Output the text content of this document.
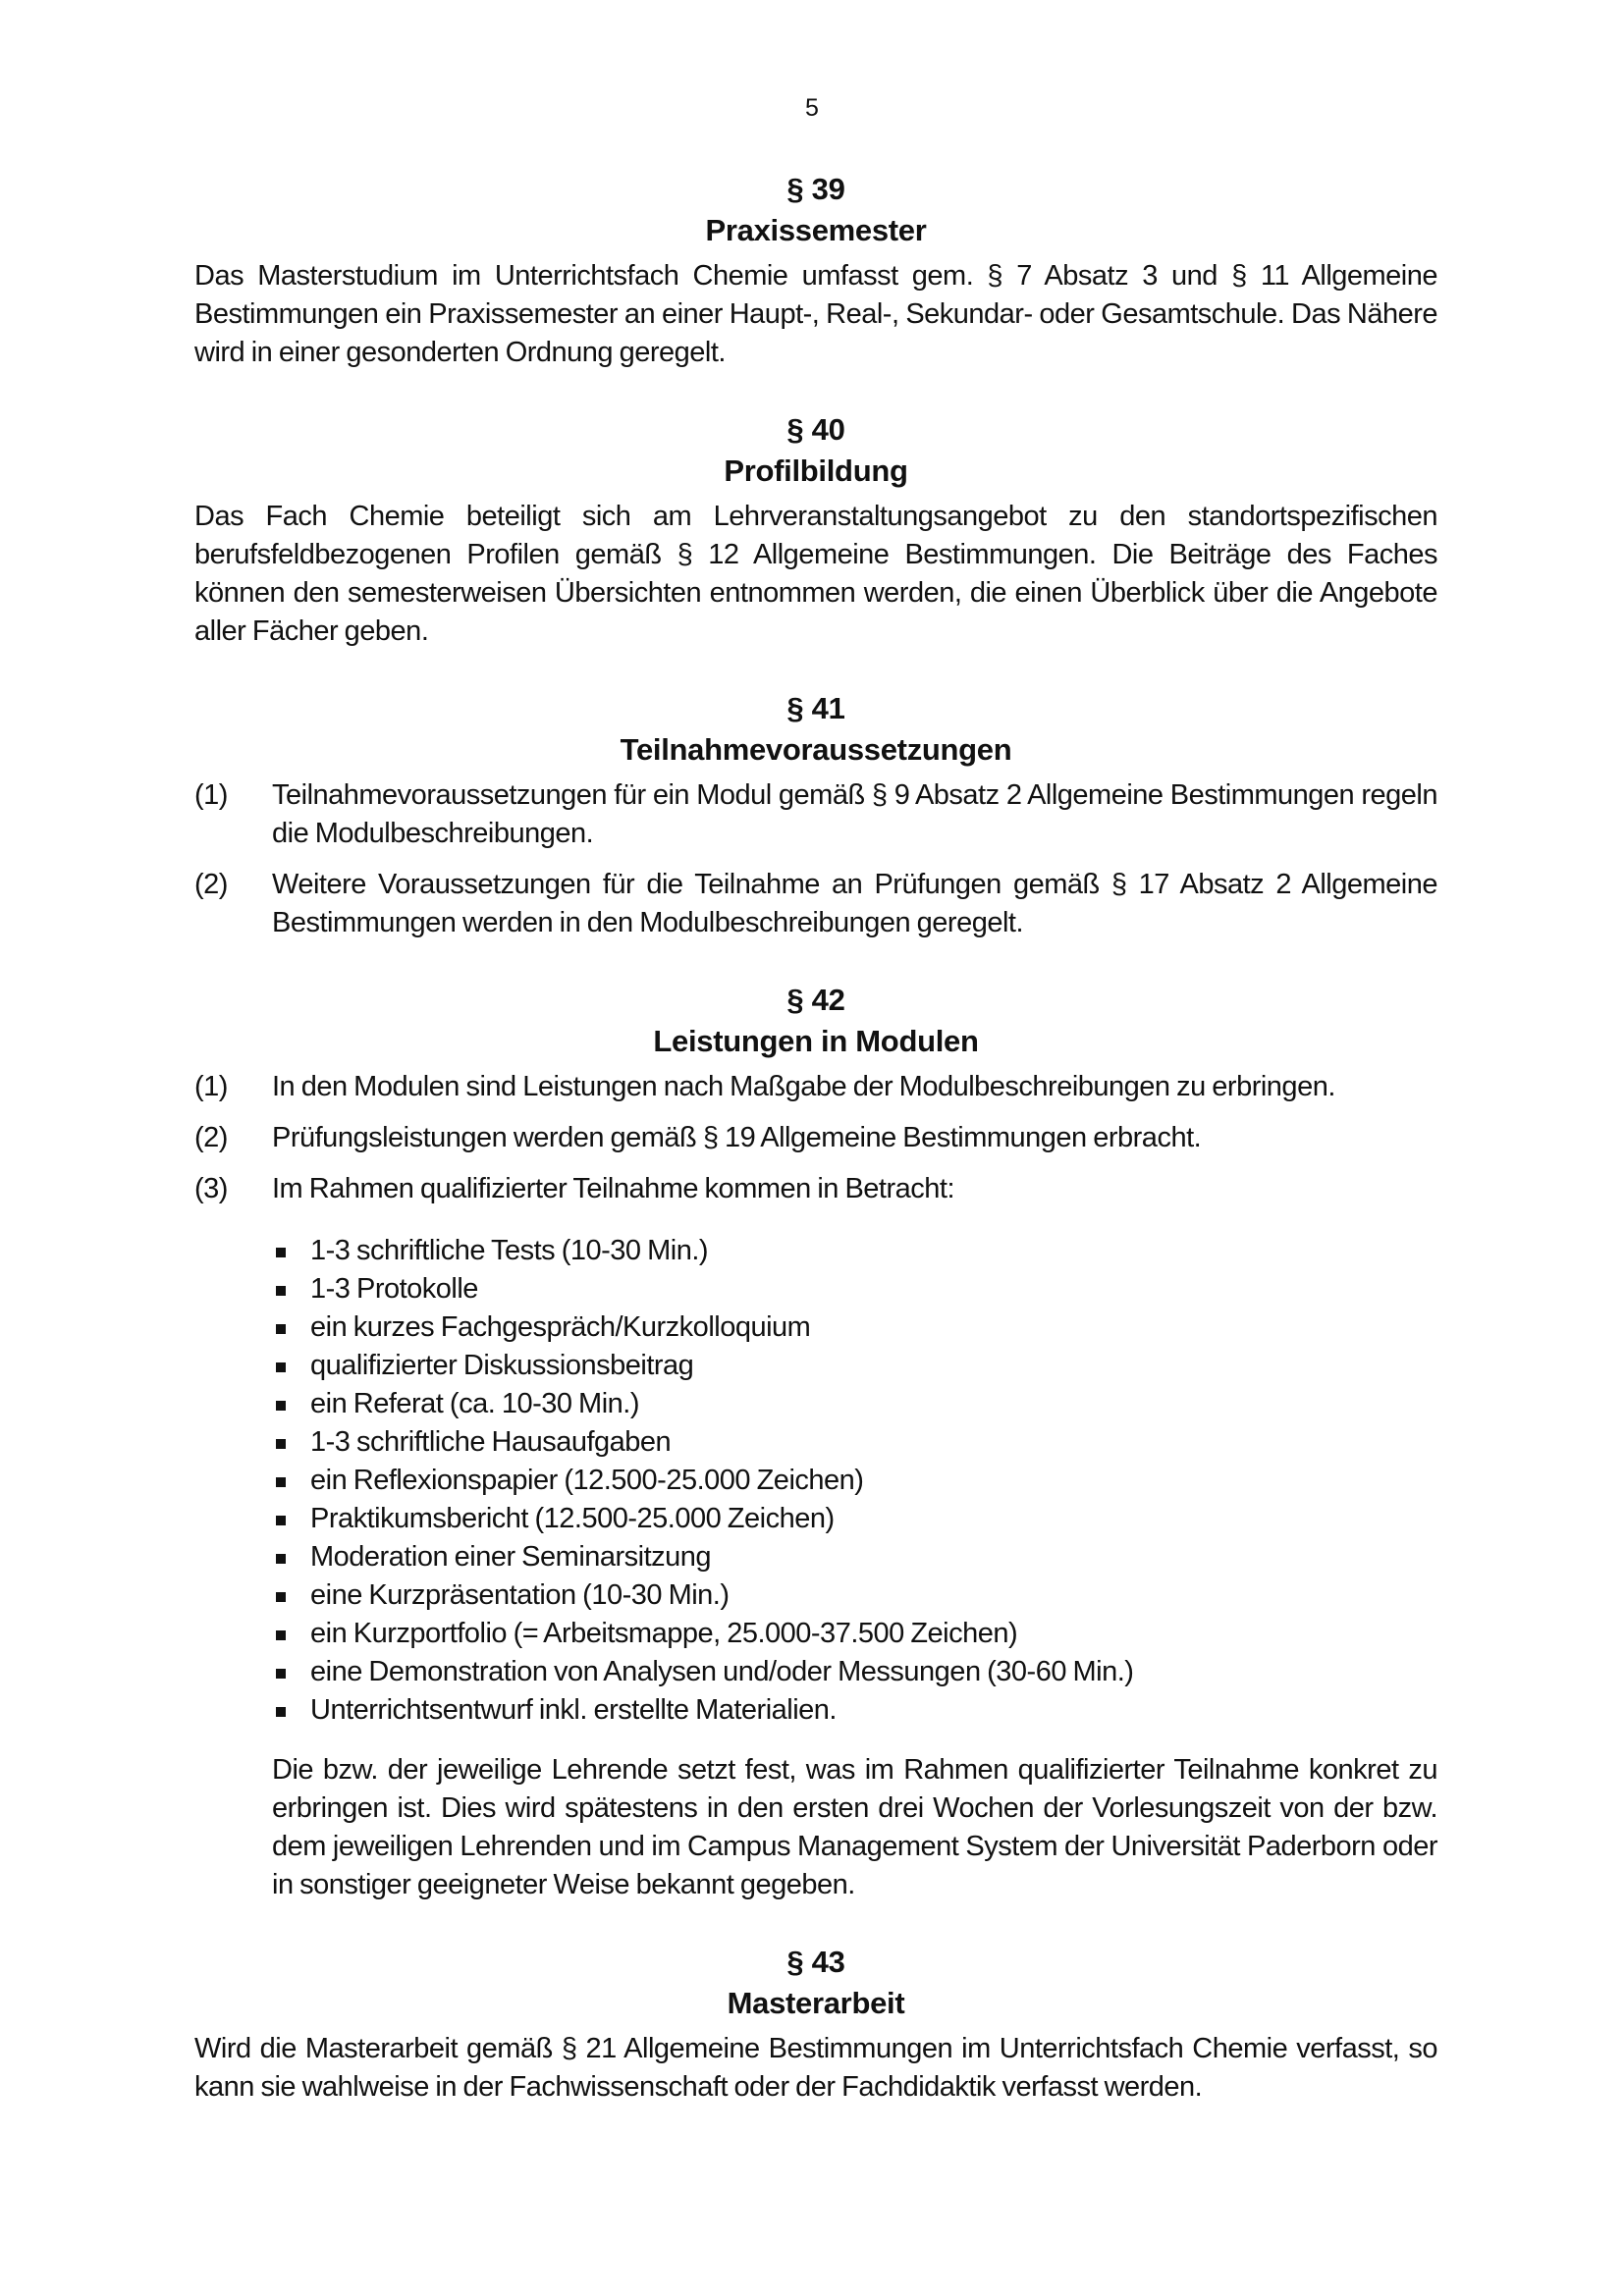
5
§ 39
Praxissemester

Das Masterstudium im Unterrichtsfach Chemie umfasst gem. § 7 Absatz 3 und § 11 Allgemeine Bestimmungen ein Praxissemester an einer Haupt-, Real-, Sekundar- oder Gesamtschule. Das Nähere wird in einer gesonderten Ordnung geregelt.

§ 40
Profilbildung

Das Fach Chemie beteiligt sich am Lehrveranstaltungsangebot zu den standortspezifischen berufsfeldbezogenen Profilen gemäß § 12 Allgemeine Bestimmungen. Die Beiträge des Faches können den semesterweisen Übersichten entnommen werden, die einen Überblick über die Angebote aller Fächer geben.

§ 41
Teilnahmevoraussetzungen
(1)	Teilnahmevoraussetzungen für ein Modul gemäß § 9 Absatz 2 Allgemeine Bestimmungen regeln die Modulbeschreibungen.
(2)	Weitere Voraussetzungen für die Teilnahme an Prüfungen gemäß § 17 Absatz 2 Allgemeine Bestimmungen werden in den Modulbeschreibungen geregelt.
§ 42
Leistungen in Modulen
(1)	In den Modulen sind Leistungen nach Maßgabe der Modulbeschreibungen zu erbringen.
(2)	Prüfungsleistungen werden gemäß § 19 Allgemeine Bestimmungen erbracht.
(3)	Im Rahmen qualifizierter Teilnahme kommen in Betracht:
1-3 schriftliche Tests (10-30 Min.)
1-3 Protokolle
ein kurzes Fachgespräch/Kurzkolloquium
qualifizierter Diskussionsbeitrag
ein Referat (ca. 10-30 Min.)
1-3 schriftliche Hausaufgaben
ein Reflexionspapier (12.500-25.000 Zeichen)
Praktikumsbericht (12.500-25.000 Zeichen)
Moderation einer Seminarsitzung
eine Kurzpräsentation (10-30 Min.)
ein Kurzportfolio (= Arbeitsmappe, 25.000-37.500 Zeichen)
eine Demonstration von Analysen und/oder Messungen (30-60 Min.)
Unterrichtsentwurf inkl. erstellte Materialien.

Die bzw. der jeweilige Lehrende setzt fest, was im Rahmen qualifizierter Teilnahme konkret zu erbringen ist. Dies wird spätestens in den ersten drei Wochen der Vorlesungszeit von der bzw. dem jeweiligen Lehrenden und im Campus Management System der Universität Paderborn oder in sonstiger geeigneter Weise bekannt gegeben.

§ 43
Masterarbeit

Wird die Masterarbeit gemäß § 21 Allgemeine Bestimmungen im Unterrichtsfach Chemie verfasst, so kann sie wahlweise in der Fachwissenschaft oder der Fachdidaktik verfasst werden.
